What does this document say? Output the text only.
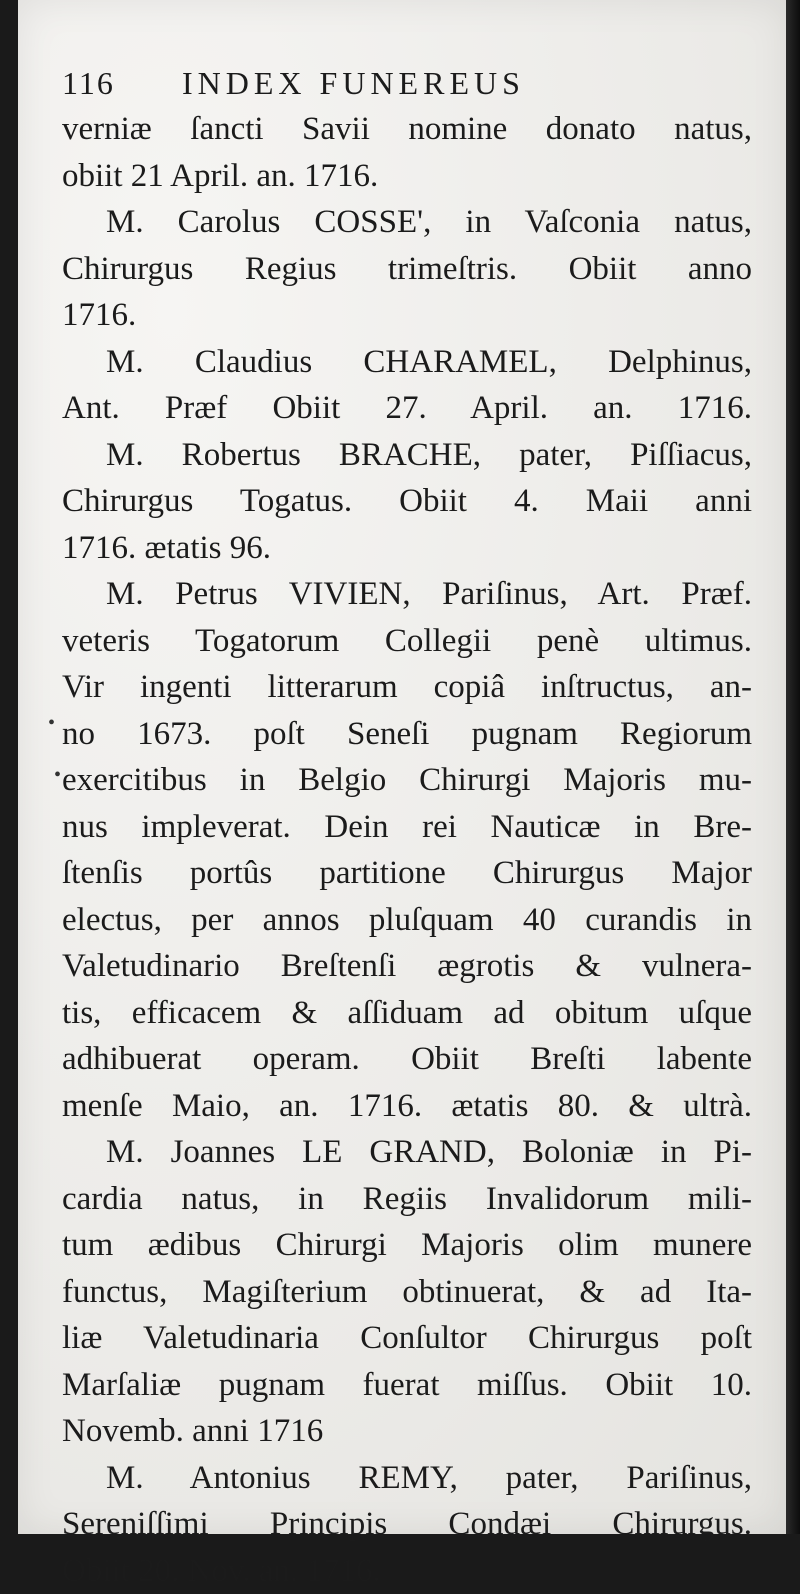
116	INDEX FUNEREUS
verniæ ſancti Savii nomine donato natus,
obiit 21 April. an. 1716.
M. Carolus COSSE', in Vaſconia natus,
Chirurgus Regius trimeſtris. Obiit anno
1716.
M. Claudius CHARAMEL, Delphinus,
Ant. Præf Obiit 27. April. an. 1716.
M. Robertus BRACHE, pater, Piſſiacus,
Chirurgus Togatus. Obiit 4. Maii anni
1716. ætatis 96.
M. Petrus VIVIEN, Pariſinus, Art. Præf.
veteris Togatorum Collegii penè ultimus.
Vir ingenti litterarum copiâ inſtructus, an-
no 1673. poſt Seneſi pugnam Regiorum
exercitibus in Belgio Chirurgi Majoris mu-
nus impleverat. Dein rei Nauticæ in Bre-
ſtenſis portûs partitione Chirurgus Major
electus, per annos pluſquam 40 curandis in
Valetudinario Breſtenſi ægrotis & vulnera-
tis, efficacem & aſſiduam ad obitum uſque
adhibuerat operam. Obiit Breſti labente
menſe Maio, an. 1716. ætatis 80. & ultrà.
M. Joannes LE GRAND, Boloniæ in Pi-
cardia natus, in Regiis Invalidorum mili-
tum ædibus Chirurgi Majoris olim munere
functus, Magiſterium obtinuerat, & ad Ita-
liæ Valetudinaria Conſultor Chirurgus poſt
Marſaliæ pugnam fuerat miſſus. Obiit 10.
Novemb. anni 1716
M. Antonius REMY, pater, Pariſinus,
Sereniſſimi Principis Condæi Chirurgus.
Obiit 20. Nov. an. 1716.
•
•
